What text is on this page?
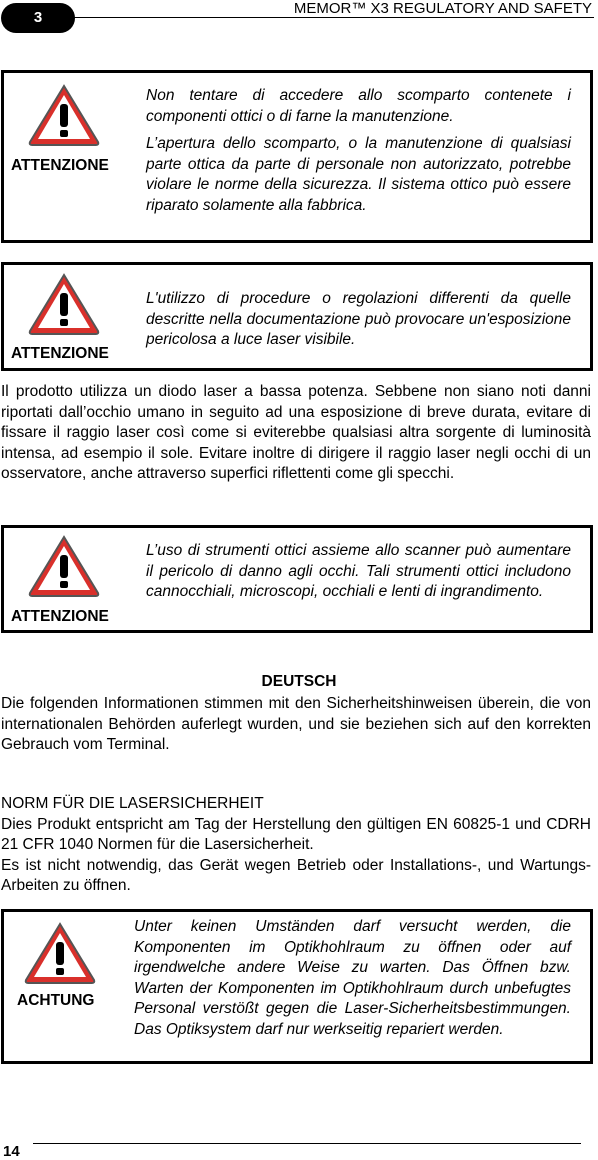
3
MEMOR™ X3 REGULATORY AND SAFETY
ATTENZIONE

Non tentare di accedere allo scomparto contenete i componenti ottici o di farne la manutenzione.

L’apertura dello scomparto, o la manutenzione di qualsiasi parte ottica da parte di personale non autorizzato, potrebbe violare le norme della sicurezza. Il sistema ottico può essere riparato solamente alla fabbrica.

ATTENZIONE

L'utilizzo di procedure o regolazioni differenti da quelle descritte nella documentazione può provocare un'esposizione pericolosa a luce laser visibile.

Il prodotto utilizza un diodo laser a bassa potenza. Sebbene non siano noti danni riportati dall’occhio umano in seguito ad una esposizione di breve durata, evitare di fissare il raggio laser così come si eviterebbe qualsiasi altra sorgente di luminosità intensa, ad esempio il sole. Evitare inoltre di dirigere il raggio laser negli occhi di un osservatore, anche attraverso superfici riflettenti come gli specchi.

ATTENZIONE

L’uso di strumenti ottici assieme allo scanner può aumentare il pericolo di danno agli occhi. Tali strumenti ottici includono cannocchiali, microscopi, occhiali e lenti di ingrandimento.

DEUTSCH

Die folgenden Informationen stimmen mit den Sicherheitshinweisen überein, die von internationalen Behörden auferlegt wurden, und sie beziehen sich auf den korrekten Gebrauch vom Terminal.

NORM FÜR DIE LASERSICHERHEIT

Dies Produkt entspricht am Tag der Herstellung den gültigen EN 60825-1 und CDRH 21 CFR 1040 Normen für die Lasersicherheit.

Es ist nicht notwendig, das Gerät wegen Betrieb oder Installations-, und Wartungs-Arbeiten zu öffnen.

ACHTUNG

Unter keinen Umständen darf versucht werden, die Komponenten im Optikhohlraum zu öffnen oder auf irgendwelche andere Weise zu warten. Das Öffnen bzw. Warten der Komponenten im Optikhohlraum durch unbefugtes Personal verstößt gegen die Laser-Sicherheitsbestimmungen. Das Optiksystem darf nur werkseitig repariert werden.

14
